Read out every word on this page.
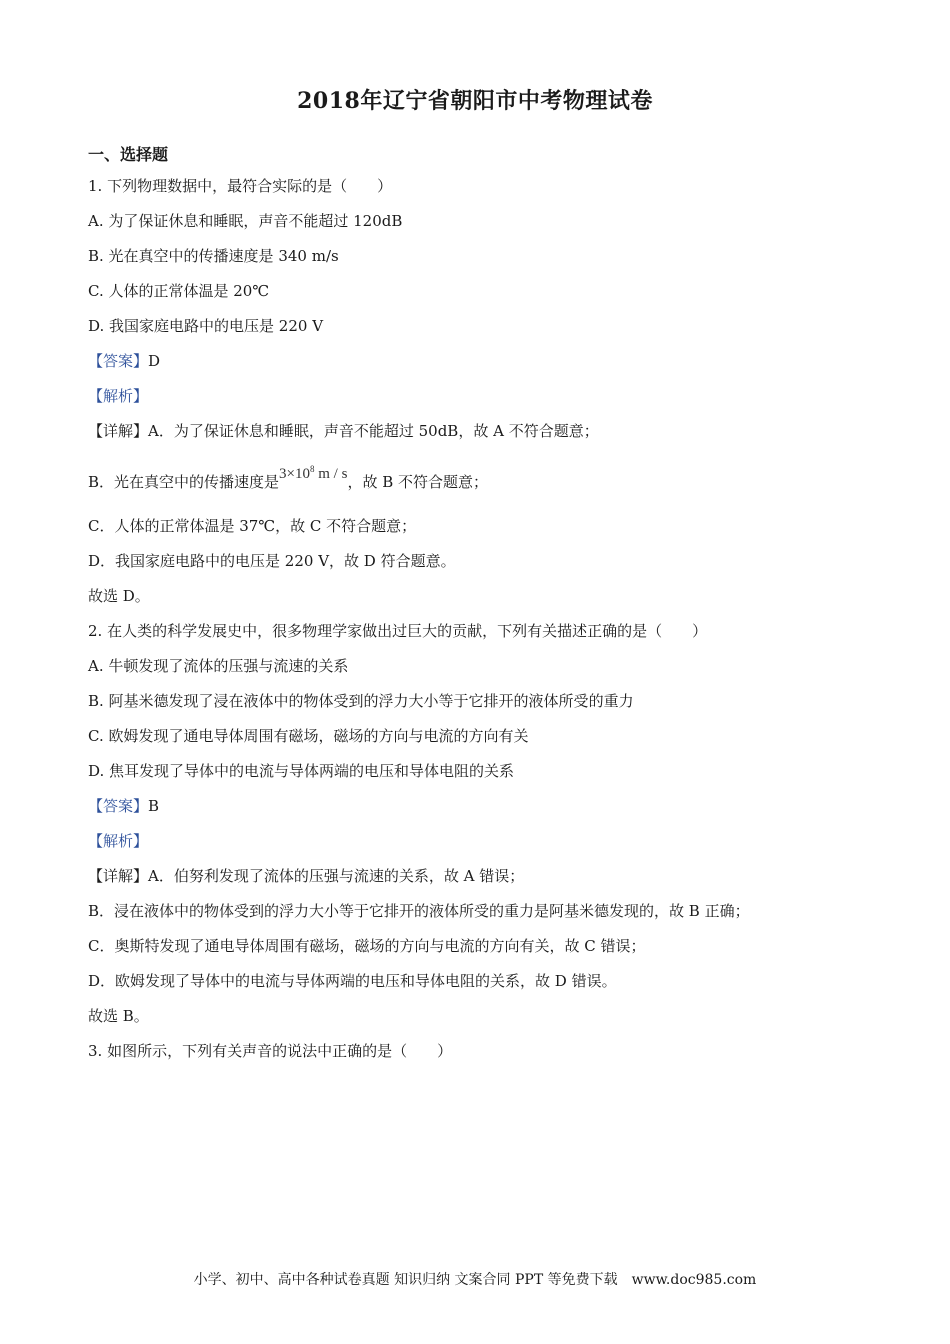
2018年辽宁省朝阳市中考物理试卷
一、选择题
1. 下列物理数据中，最符合实际的是（　　）
A. 为了保证休息和睡眠，声音不能超过 120dB
B. 光在真空中的传播速度是 340 m/s
C. 人体的正常体温是 20℃
D. 我国家庭电路中的电压是 220 V
【答案】D
【解析】
【详解】A．为了保证休息和睡眠，声音不能超过 50dB，故 A 不符合题意；
B．光在真空中的传播速度是$3\times 10^8$ m / s，故 B 不符合题意；
C．人体的正常体温是 37℃，故 C 不符合题意；
D．我国家庭电路中的电压是 220 V，故 D 符合题意。
故选 D。
2. 在人类的科学发展史中，很多物理学家做出过巨大的贡献，下列有关描述正确的是（　　）
A. 牛顿发现了流体的压强与流速的关系
B. 阿基米德发现了浸在液体中的物体受到的浮力大小等于它排开的液体所受的重力
C. 欧姆发现了通电导体周围有磁场，磁场的方向与电流的方向有关
D. 焦耳发现了导体中的电流与导体两端的电压和导体电阻的关系
【答案】B
【解析】
【详解】A．伯努利发现了流体的压强与流速的关系，故 A 错误；
B．浸在液体中的物体受到的浮力大小等于它排开的液体所受的重力是阿基米德发现的，故 B 正确；
C．奥斯特发现了通电导体周围有磁场，磁场的方向与电流的方向有关，故 C 错误；
D．欧姆发现了导体中的电流与导体两端的电压和导体电阻的关系，故 D 错误。
故选 B。
3. 如图所示，下列有关声音的说法中正确的是（　　）
小学、初中、高中各种试卷真题 知识归纳 文案合同 PPT 等免费下载　www.doc985.com
